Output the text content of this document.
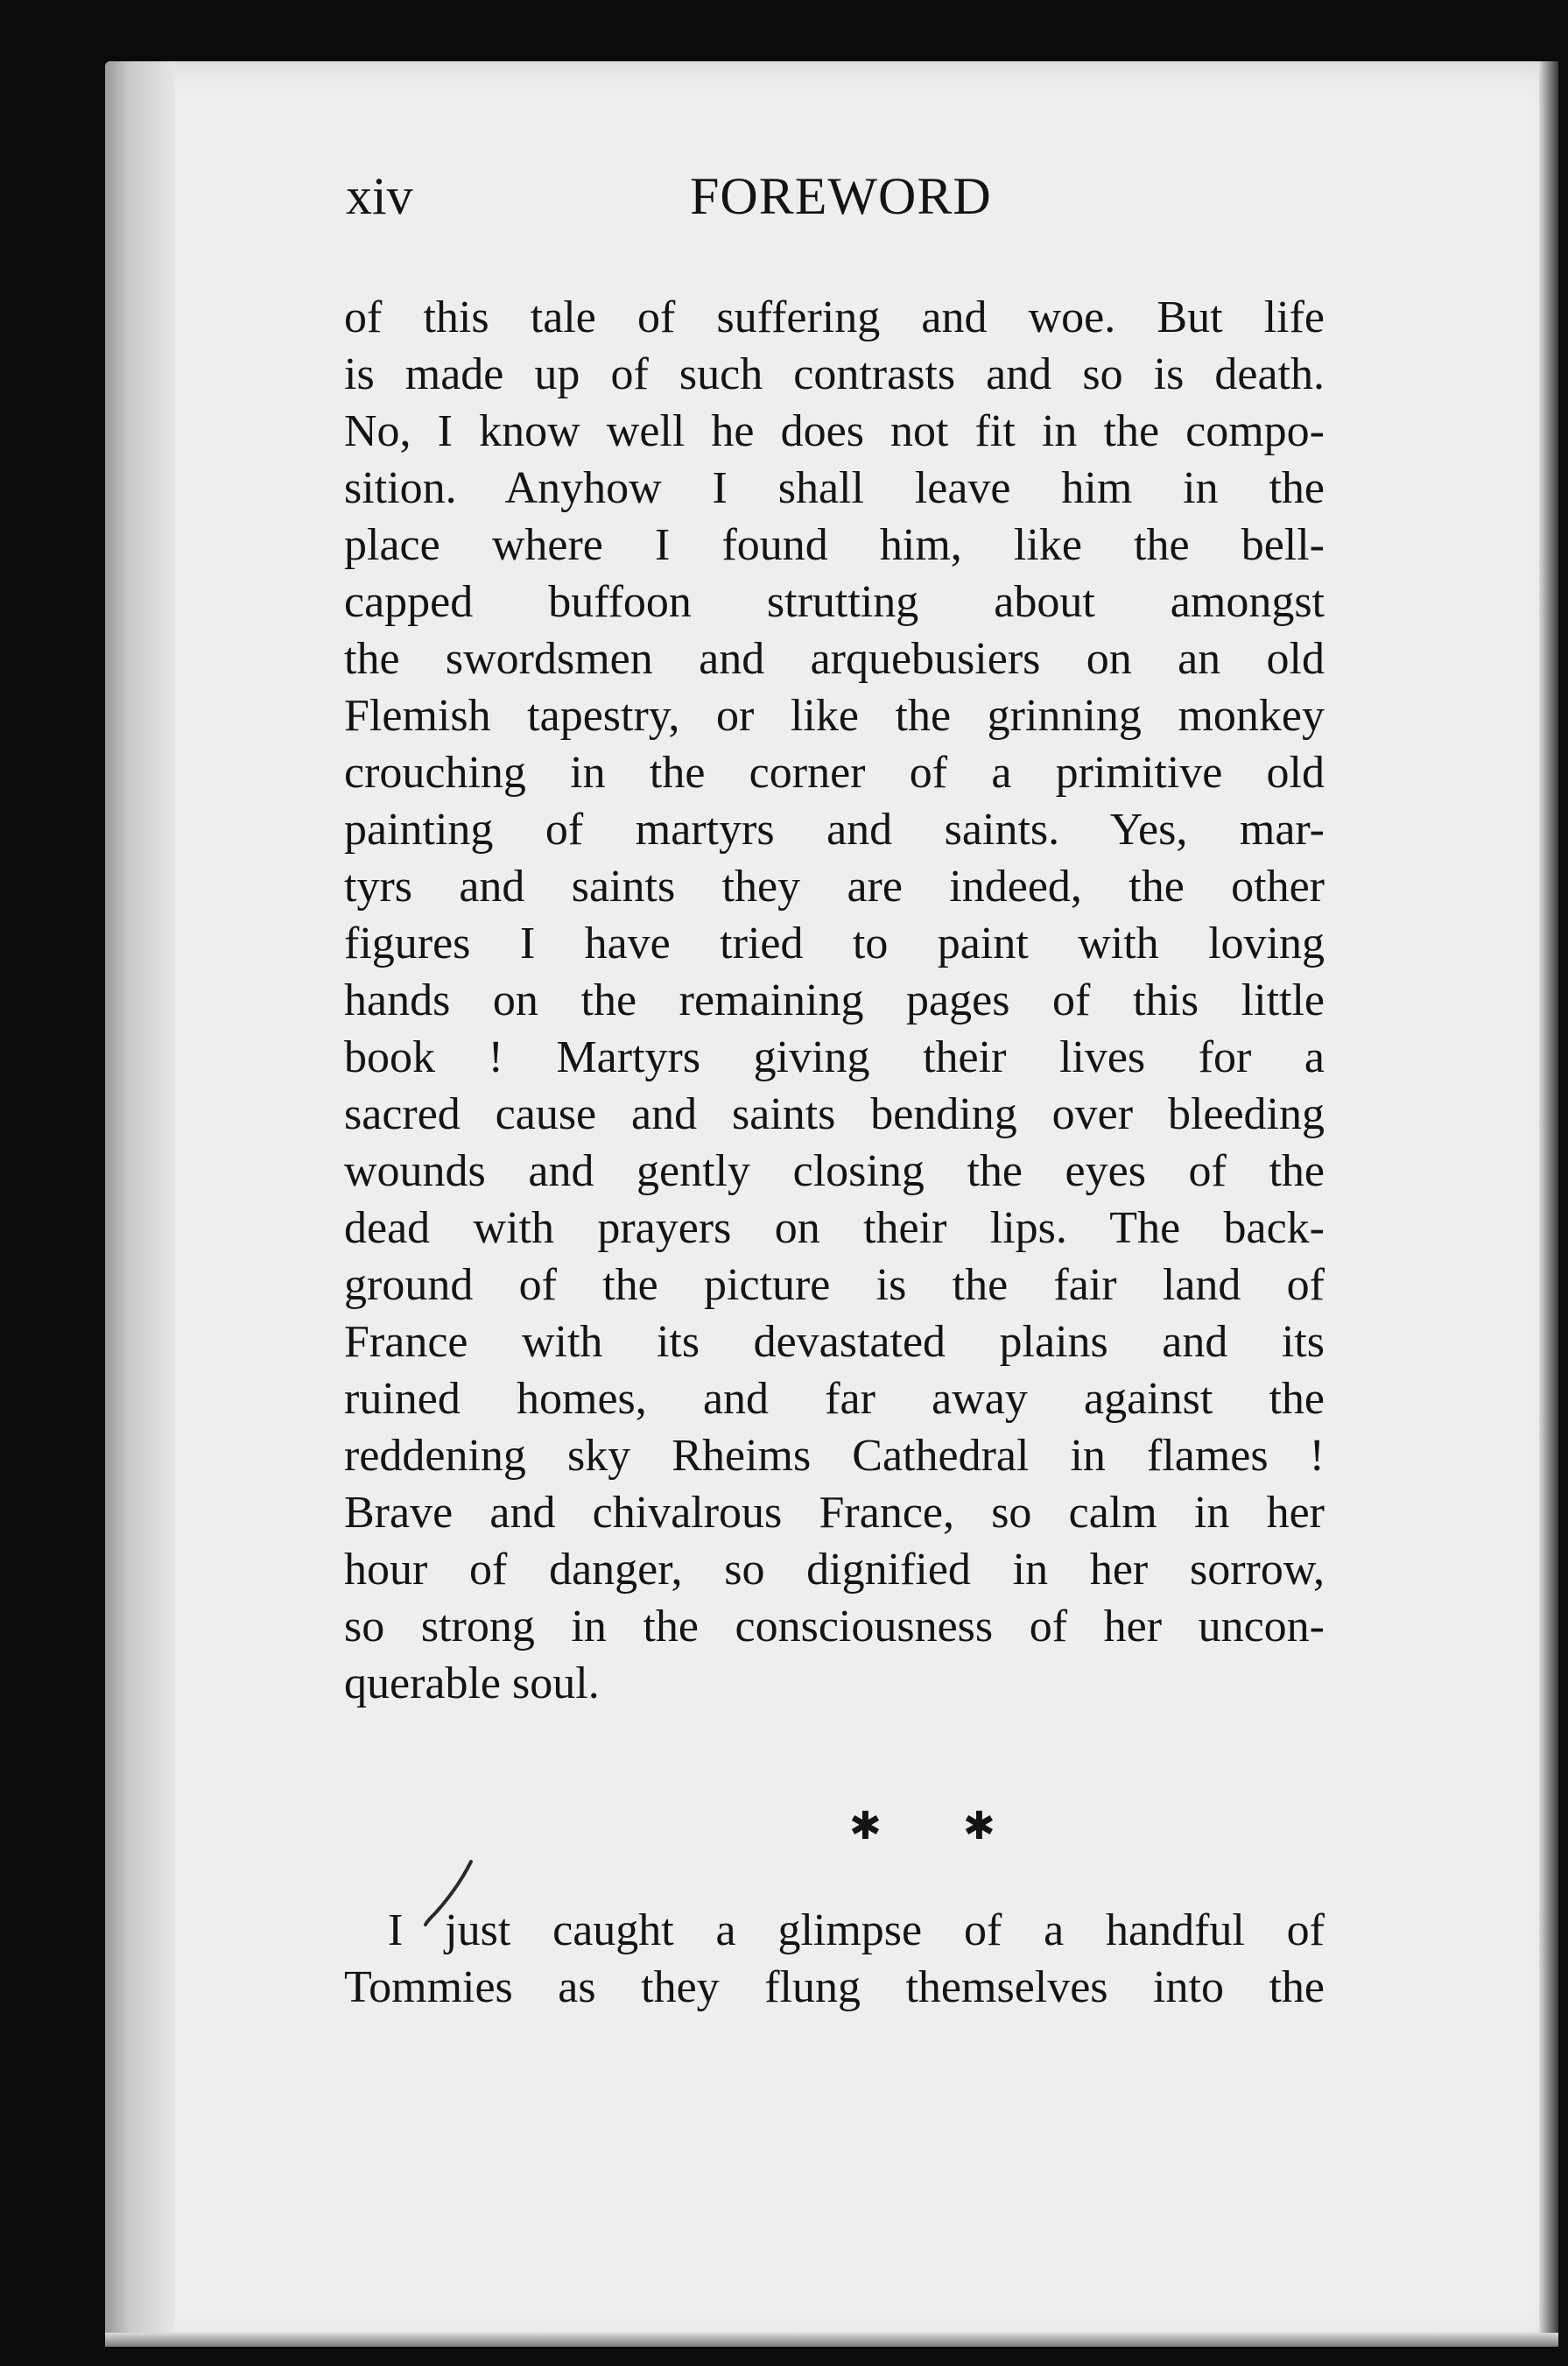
xiv	FOREWORD
of this tale of suffering and woe. But life
is made up of such contrasts and so is death.
No, I know well he does not fit in the compo-
sition. Anyhow I shall leave him in the
place where I found him, like the bell-
capped buffoon strutting about amongst
the swordsmen and arquebusiers on an old
Flemish tapestry, or like the grinning monkey
crouching in the corner of a primitive old
painting of martyrs and saints. Yes, mar-
tyrs and saints they are indeed, the other
figures I have tried to paint with loving
hands on the remaining pages of this little
book ! Martyrs giving their lives for a
sacred cause and saints bending over bleeding
wounds and gently closing the eyes of the
dead with prayers on their lips. The back-
ground of the picture is the fair land of
France with its devastated plains and its
ruined homes, and far away against the
reddening sky Rheims Cathedral in flames !
Brave and chivalrous France, so calm in her
hour of danger, so dignified in her sorrow,
so strong in the consciousness of her uncon-
querable soul.
✱ ✱
I just caught a glimpse of a handful of
Tommies as they flung themselves into the
